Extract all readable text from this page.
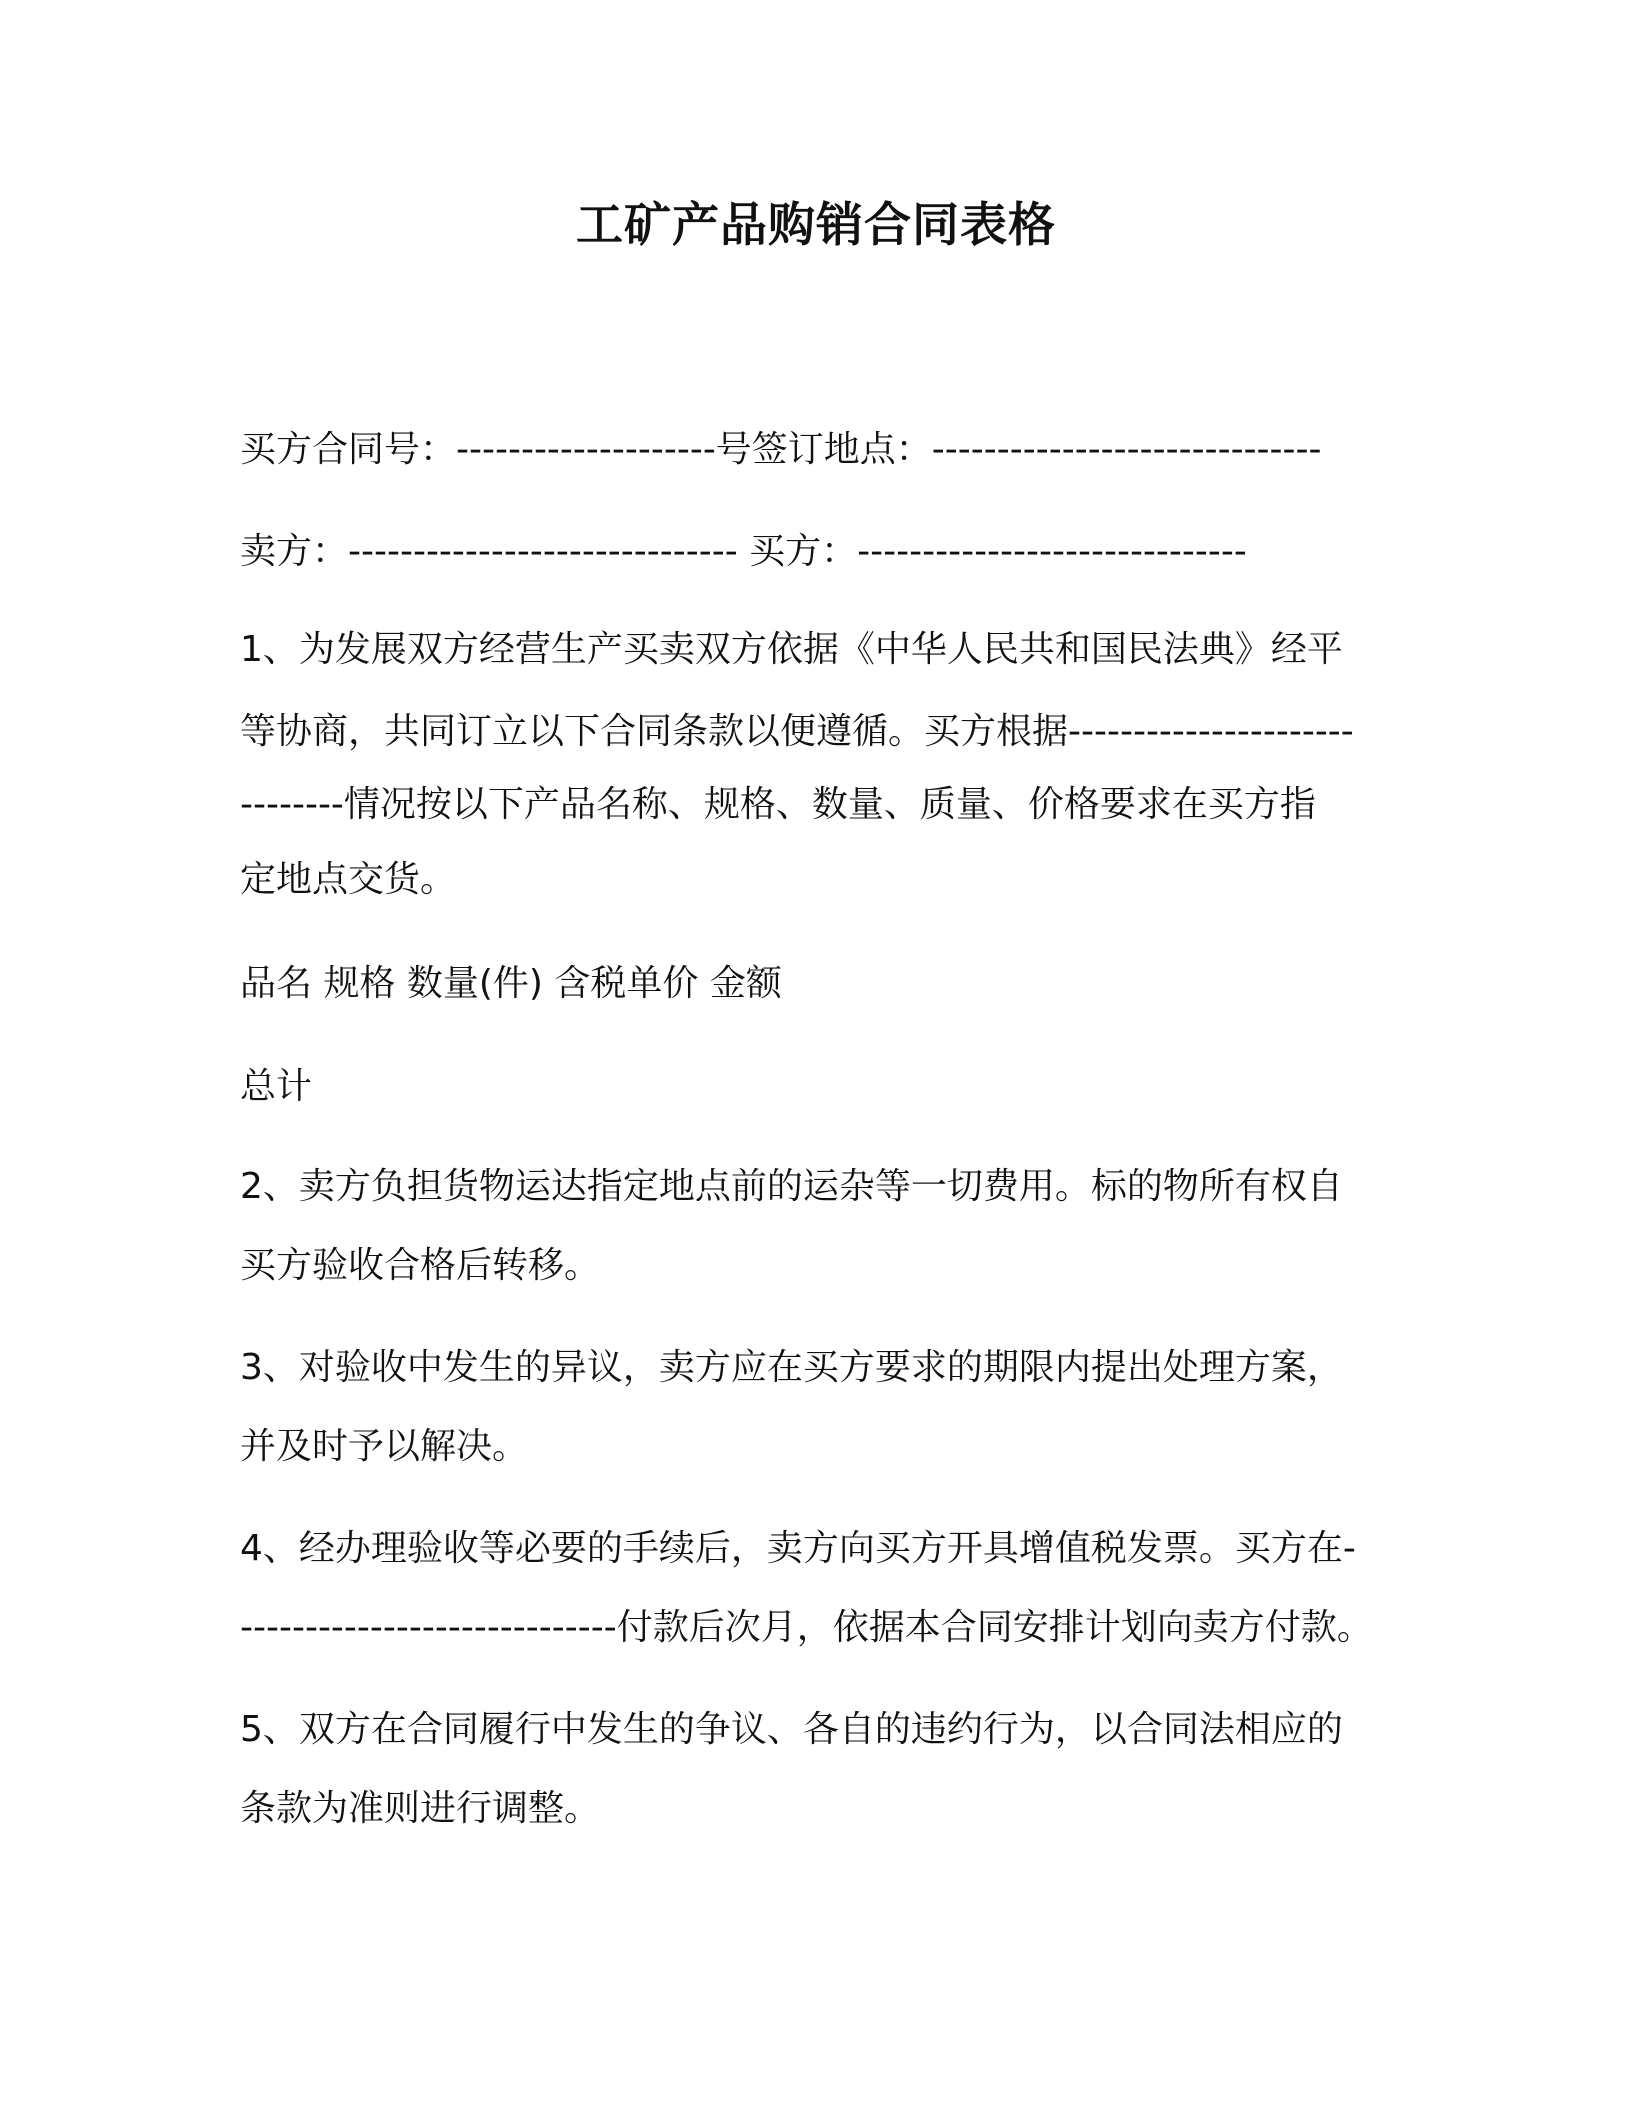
工矿产品购销合同表格
买方合同号：--------------------号签订地点：------------------------------
卖方：------------------------------ 买方：------------------------------
1、为发展双方经营生产买卖双方依据《中华人民共和国民法典》经平
等协商，共同订立以下合同条款以便遵循。买方根据----------------------
--------情况按以下产品名称、规格、数量、质量、价格要求在买方指
定地点交货。
品名 规格 数量(件) 含税单价 金额
总计
2、卖方负担货物运达指定地点前的运杂等一切费用。标的物所有权自
买方验收合格后转移。
3、对验收中发生的异议，卖方应在买方要求的期限内提出处理方案，
并及时予以解决。
4、经办理验收等必要的手续后，卖方向买方开具增值税发票。买方在-
-----------------------------付款后次月，依据本合同安排计划向卖方付款。
5、双方在合同履行中发生的争议、各自的违约行为，以合同法相应的
条款为准则进行调整。
